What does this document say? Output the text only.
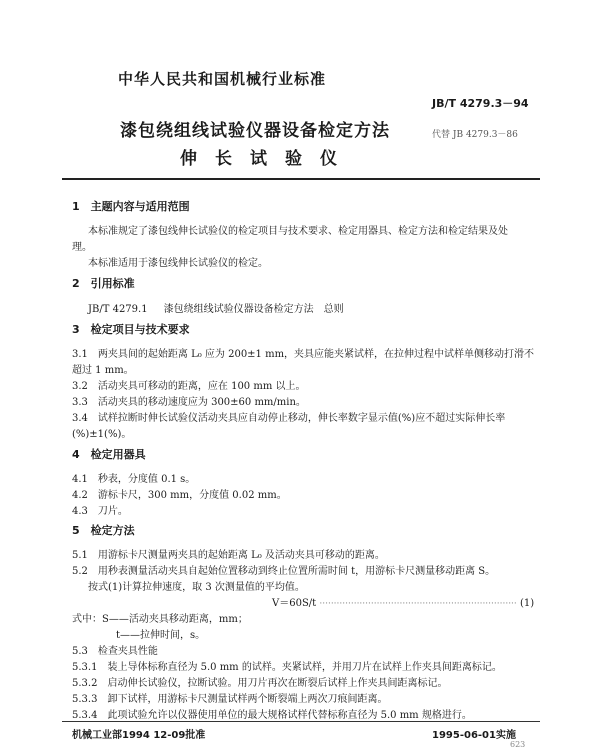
中华人民共和国机械行业标准
JB/T 4279.3－94
漆包绕组线试验仪器设备检定方法	代替 JB 4279.3－86
伸长试验仪
1　主题内容与适用范围
本标准规定了漆包线伸长试验仪的检定项目与技术要求、检定用器具、检定方法和检定结果及处
理。
本标准适用于漆包线伸长试验仪的检定。
2　引用标准
JB/T 4279.1 漆包绕组线试验仪器设备检定方法　总则
3　检定项目与技术要求
3.1　两夹具间的起始距离 L₀ 应为 200±1 mm，夹具应能夹紧试样，在拉伸过程中试样单侧移动打滑不
超过 1 mm。
3.2　活动夹具可移动的距离，应在 100 mm 以上。
3.3　活动夹具的移动速度应为 300±60 mm/min。
3.4　试样拉断时伸长试验仪活动夹具应自动停止移动，伸长率数字显示值(%)应不超过实际伸长率
(%)±1(%)。
4　检定用器具
4.1　秒表，分度值 0.1 s。
4.2　游标卡尺，300 mm，分度值 0.02 mm。
4.3　刀片。
5　检定方法
5.1　用游标卡尺测量两夹具的起始距离 L₀ 及活动夹具可移动的距离。
5.2　用秒表测量活动夹具自起始位置移动到终止位置所需时间 t，用游标卡尺测量移动距离 S。
按式(1)计算拉伸速度，取 3 次测量值的平均值。
V＝60S/t ····································································· (1)
式中：S——活动夹具移动距离，mm；
t——拉伸时间，s。
5.3　检查夹具性能
5.3.1　装上导体标称直径为 5.0 mm 的试样。夹紧试样，并用刀片在试样上作夹具间距离标记。
5.3.2　启动伸长试验仪，拉断试验。用刀片再次在断裂后试样上作夹具间距离标记。
5.3.3　卸下试样，用游标卡尺测量试样两个断裂端上两次刀痕间距离。
5.3.4　此项试验允许以仪器使用单位的最大规格试样代替标称直径为 5.0 mm 规格进行。
机械工业部1994 12-09批准	1995-06-01实施
623
